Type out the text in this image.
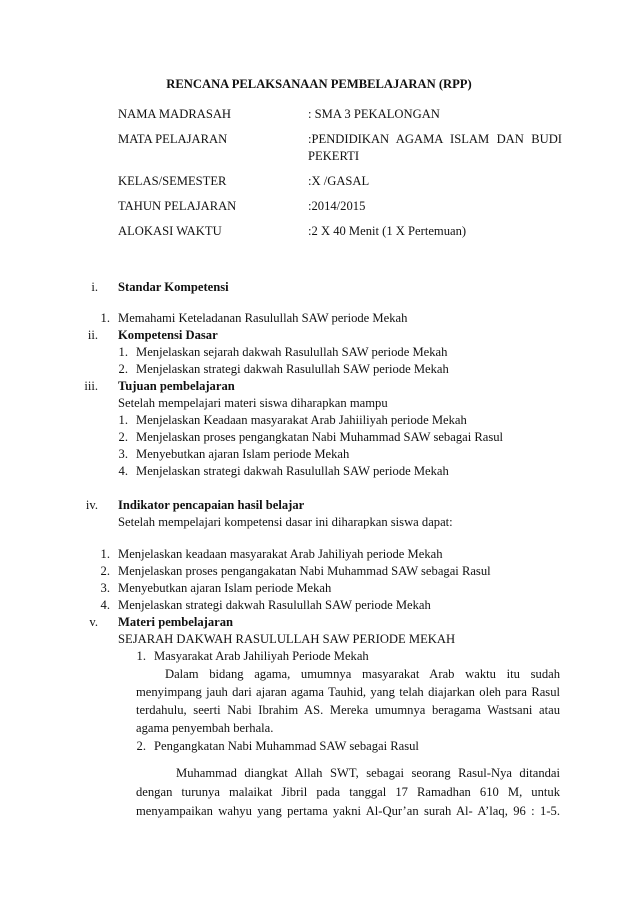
RENCANA PELAKSANAAN PEMBELAJARAN (RPP)
NAMA MADRASAH	: SMA 3 PEKALONGAN
MATA PELAJARAN	:PENDIDIKAN AGAMA ISLAM DAN BUDI PEKERTI
KELAS/SEMESTER	:X /GASAL
TAHUN PELAJARAN	:2014/2015
ALOKASI WAKTU	:2 X 40 Menit (1 X Pertemuan)
i. Standar Kompetensi
1. Memahami Keteladanan Rasulullah SAW periode Mekah
ii. Kompetensi Dasar
1. Menjelaskan sejarah dakwah Rasulullah SAW periode Mekah
2. Menjelaskan strategi dakwah Rasulullah SAW periode Mekah
iii. Tujuan pembelajaran
Setelah mempelajari materi siswa diharapkan mampu
1. Menjelaskan Keadaan masyarakat Arab Jahiiliyah periode Mekah
2. Menjelaskan proses pengangkatan Nabi Muhammad SAW sebagai Rasul
3. Menyebutkan ajaran Islam periode Mekah
4. Menjelaskan strategi dakwah Rasulullah SAW periode Mekah
iv. Indikator pencapaian hasil belajar
Setelah mempelajari kompetensi dasar ini diharapkan siswa dapat:
1. Menjelaskan keadaan masyarakat Arab Jahiliyah periode Mekah
2. Menjelaskan proses pengangakatan Nabi Muhammad SAW sebagai Rasul
3. Menyebutkan ajaran Islam periode Mekah
4. Menjelaskan strategi dakwah Rasulullah SAW periode Mekah
v. Materi pembelajaran
SEJARAH DAKWAH RASULULLAH SAW PERIODE MEKAH
1. Masyarakat Arab Jahiliyah Periode Mekah
Dalam bidang agama, umumnya masyarakat Arab waktu itu sudah
menyimpang jauh dari ajaran agama Tauhid, yang telah diajarkan oleh para Rasul
terdahulu, seerti Nabi Ibrahim AS. Mereka umumnya beragama Wastsani atau
agama penyembah berhala.
2. Pengangkatan Nabi Muhammad SAW sebagai Rasul
Muhammad diangkat Allah SWT, sebagai seorang Rasul-Nya ditandai
dengan turunya malaikat Jibril pada tanggal 17 Ramadhan 610 M, untuk
menyampaikan wahyu yang pertama yakni Al-Qur’an surah Al- A’laq, 96 : 1-5.
